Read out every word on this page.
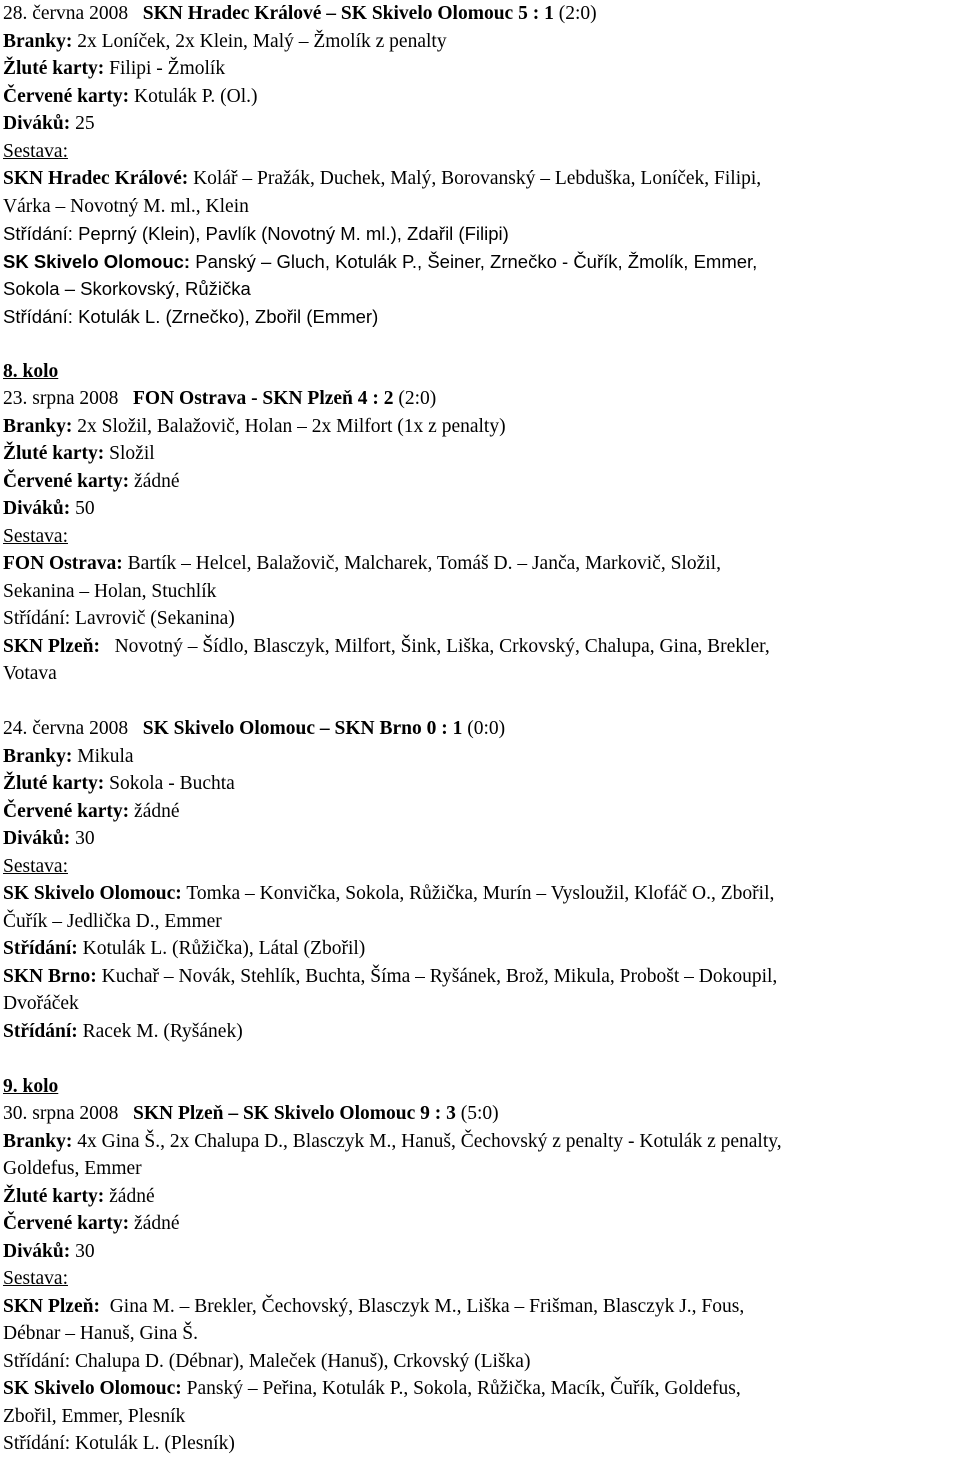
28. června 2008 SKN Hradec Králové – SK Skivelo Olomouc 5 : 1 (2:0)
Branky: 2x Loníček, 2x Klein, Malý – Žmolík z penalty
Žluté karty: Filipi - Žmolík
Červené karty: Kotulák P. (Ol.)
Diváků: 25
Sestava:
SKN Hradec Králové: Kolář – Pražák, Duchek, Malý, Borovanský – Lebduška, Loníček, Filipi,
Várka – Novotný M. ml., Klein
Střídání: Peprný (Klein), Pavlík (Novotný M. ml.), Zdařil (Filipi)
SK Skivelo Olomouc: Panský – Gluch, Kotulák P., Šeiner, Zrnečko - Čuřík, Žmolík, Emmer,
Sokola – Skorkovský, Růžička
Střídání: Kotulák L. (Zrnečko), Zbořil (Emmer)
8. kolo
23. srpna 2008 FON Ostrava - SKN Plzeň 4 : 2 (2:0)
Branky: 2x Složil, Balažovič, Holan – 2x Milfort (1x z penalty)
Žluté karty: Složil
Červené karty: žádné
Diváků: 50
Sestava:
FON Ostrava: Bartík – Helcel, Balažovič, Malcharek, Tomáš D. – Janča, Markovič, Složil,
Sekanina – Holan, Stuchlík
Střídání: Lavrovič (Sekanina)
SKN Plzeň: Novotný – Šídlo, Blasczyk, Milfort, Šink, Liška, Crkovský, Chalupa, Gina, Brekler,
Votava
24. června 2008 SK Skivelo Olomouc – SKN Brno 0 : 1 (0:0)
Branky: Mikula
Žluté karty: Sokola - Buchta
Červené karty: žádné
Diváků: 30
Sestava:
SK Skivelo Olomouc: Tomka – Konvička, Sokola, Růžička, Murín – Vysloužil, Klofáč O., Zbořil,
Čuřík – Jedlička D., Emmer
Střídání: Kotulák L. (Růžička), Látal (Zbořil)
SKN Brno: Kuchař – Novák, Stehlík, Buchta, Šíma – Ryšánek, Brož, Mikula, Probošt – Dokoupil,
Dvořáček
Střídání: Racek M. (Ryšánek)
9. kolo
30. srpna 2008 SKN Plzeň – SK Skivelo Olomouc 9 : 3 (5:0)
Branky: 4x Gina Š., 2x Chalupa D., Blasczyk M., Hanuš, Čechovský z penalty - Kotulák z penalty,
Goldefus, Emmer
Žluté karty: žádné
Červené karty: žádné
Diváků: 30
Sestava:
SKN Plzeň: Gina M. – Brekler, Čechovský, Blasczyk M., Liška – Frišman, Blasczyk J., Fous,
Débnar – Hanuš, Gina Š.
Střídání: Chalupa D. (Débnar), Maleček (Hanuš), Crkovský (Liška)
SK Skivelo Olomouc: Panský – Peřina, Kotulák P., Sokola, Růžička, Macík, Čuřík, Goldefus,
Zbořil, Emmer, Plesník
Střídání: Kotulák L. (Plesník)
